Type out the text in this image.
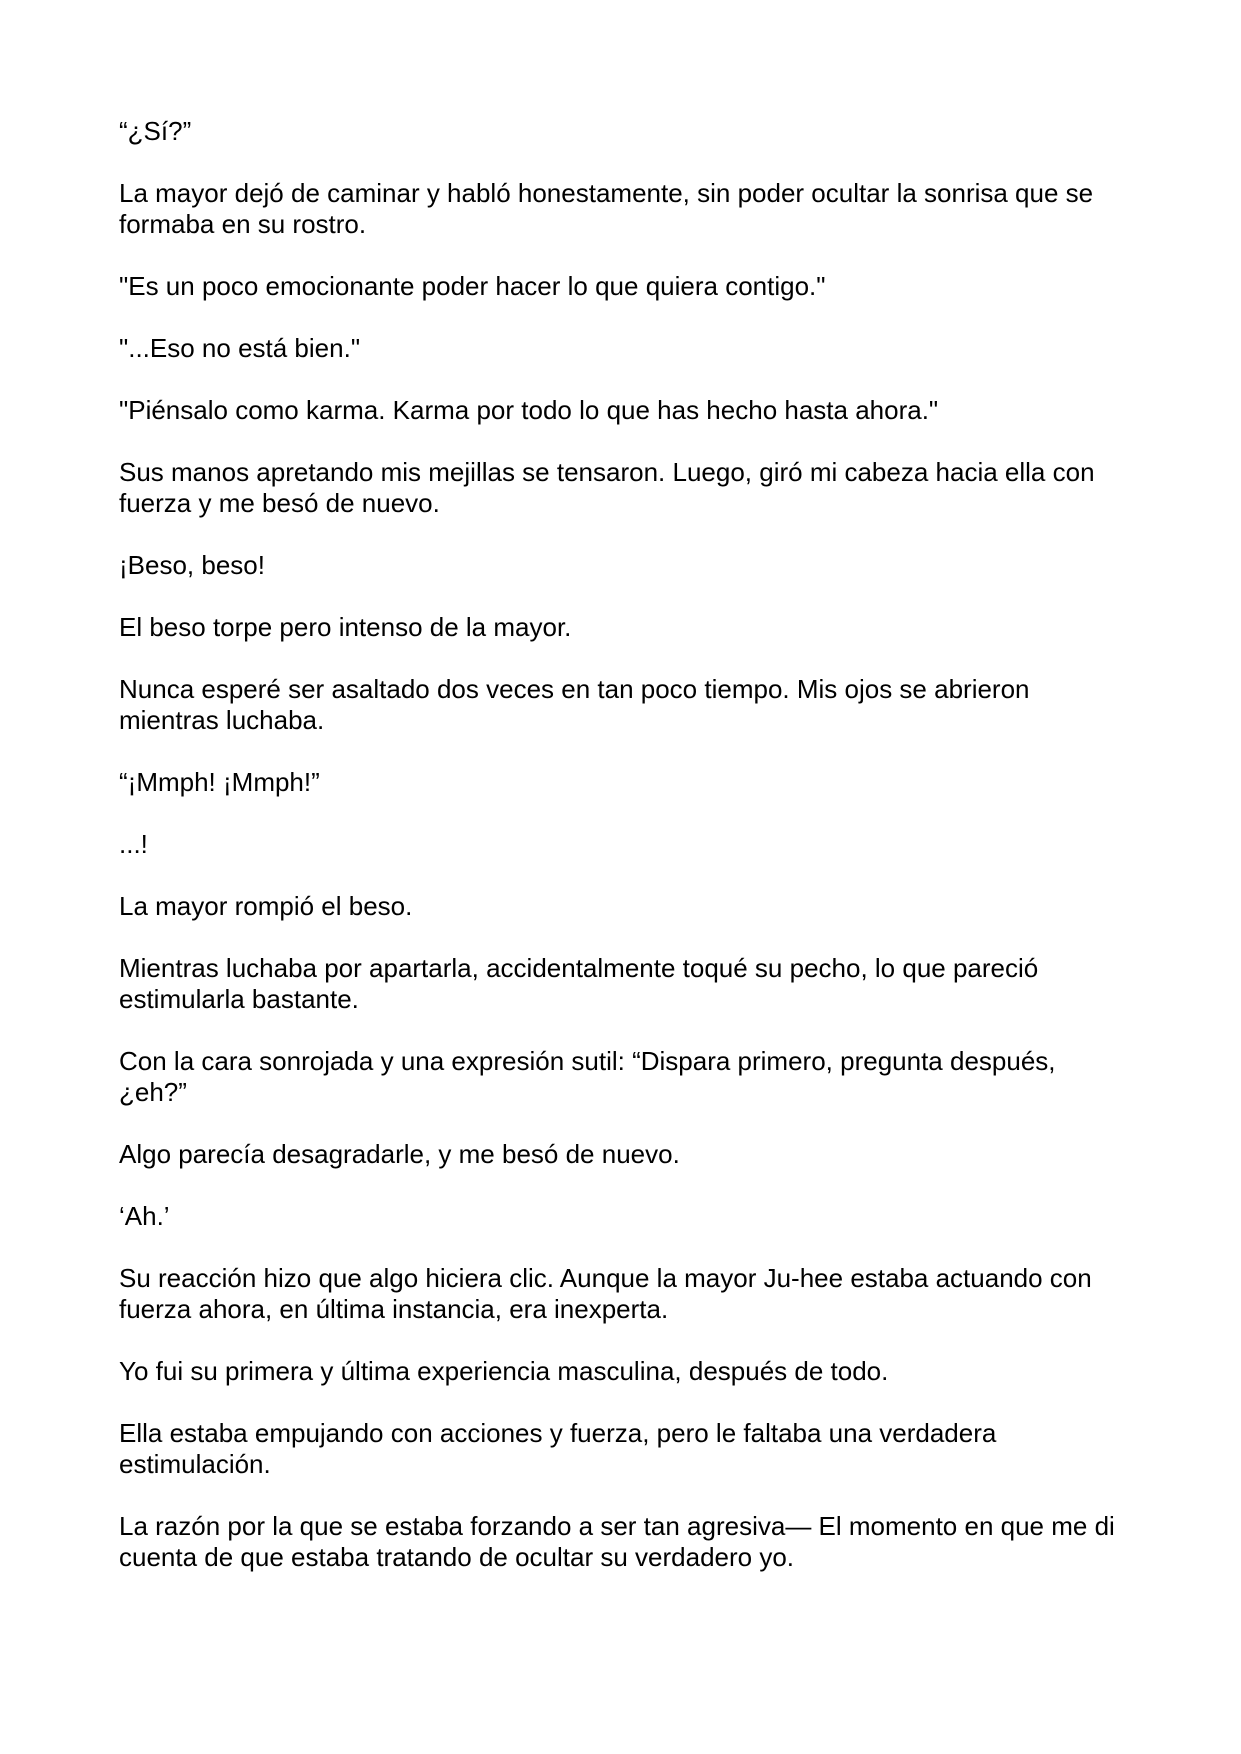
“¿Sí?”

La mayor dejó de caminar y habló honestamente, sin poder ocultar la sonrisa que se formaba en su rostro.

"Es un poco emocionante poder hacer lo que quiera contigo."

"...Eso no está bien."

"Piénsalo como karma. Karma por todo lo que has hecho hasta ahora."

Sus manos apretando mis mejillas se tensaron. Luego, giró mi cabeza hacia ella con fuerza y me besó de nuevo.

¡Beso, beso!

El beso torpe pero intenso de la mayor.

Nunca esperé ser asaltado dos veces en tan poco tiempo. Mis ojos se abrieron mientras luchaba.

“¡Mmph! ¡Mmph!”

...!

La mayor rompió el beso.

Mientras luchaba por apartarla, accidentalmente toqué su pecho, lo que pareció estimularla bastante.

Con la cara sonrojada y una expresión sutil: “Dispara primero, pregunta después, ¿eh?”

Algo parecía desagradarle, y me besó de nuevo.

‘Ah.’

Su reacción hizo que algo hiciera clic. Aunque la mayor Ju-hee estaba actuando con fuerza ahora, en última instancia, era inexperta.

Yo fui su primera y última experiencia masculina, después de todo.

Ella estaba empujando con acciones y fuerza, pero le faltaba una verdadera estimulación.

La razón por la que se estaba forzando a ser tan agresiva— El momento en que me di cuenta de que estaba tratando de ocultar su verdadero yo.
